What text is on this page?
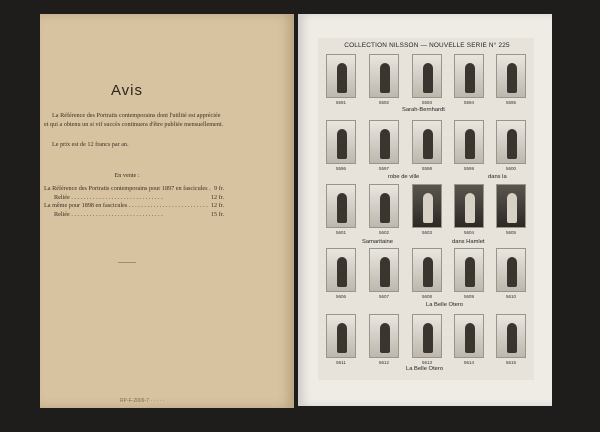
Avis
La Référence des Portraits contemporains dont l'utilité est appréciée et qui a obtenu un si vif succès continuera d'être publiée mensuellement.
Le prix est de 12 francs par an.
En vente :
La Référence des Portraits contemporains pour 1897 en fascicules . . .	9 fr.
Reliée . . .	12 fr.
La même pour 1898 en fascicules . . .	12 fr.
Reliée . . .	15 fr.
RP-F-2009-7 · · · · ·
COLLECTION NILSSON — NOUVELLE SERIE N° 225
5591	5592	5593	5594	5595
5596	5597	5598	5599	5600
5601	5602	5603	5604	5605
5606	5607	5608	5609	5610
5611	5612	5613	5614	5615
Sarah-Bernhardt
robe de ville	dans la
Samaritaine	dans Hamlet
La Belle Otero
La Belle Otero
